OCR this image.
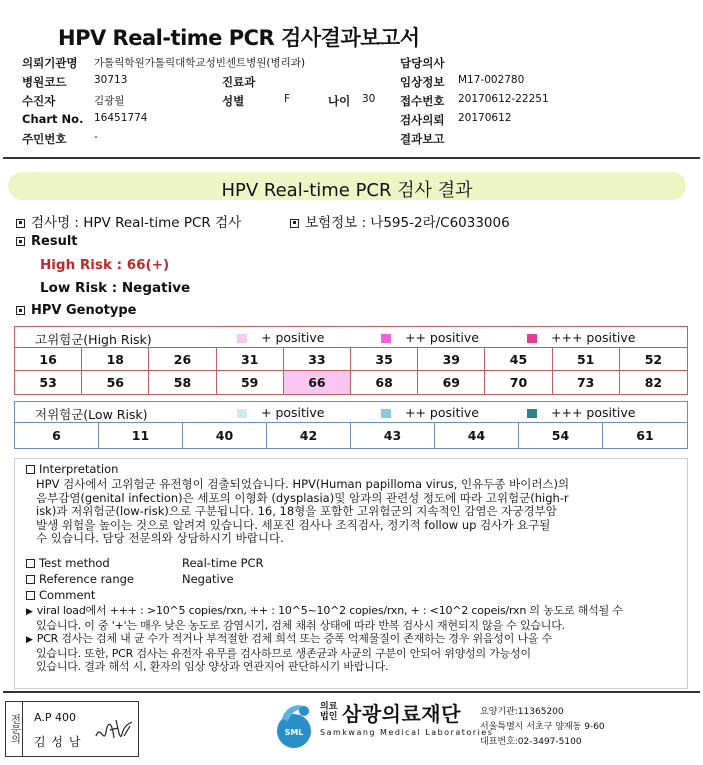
HPV Real-time PCR 검사결과보고서
의뢰기관명 가톨릭학원가톨릭대학교성빈센트병원(병리과)	담당의사
병원코드	30713	진료과	임상정보 M17-002780
수진자	김광월	성별	F	나이 30 접수번호 20170612-22251
Chart No. 16451774	검사의뢰 20170612
주민번호	-	결과보고
HPV Real-time PCR 검사 결과
검사명 : HPV Real-time PCR 검사	보험정보 : 나595-2라/C6033006
Result
High Risk : 66(+)
Low Risk : Negative
HPV Genotype
고위험군(High Risk)	+ positive	++ positive	+++ positive
16	18	26	31	33	35	39	45	51	52
53	56	58	59	66	68	69	70	73	82
저위험군(Low Risk)	+ positive	++ positive	+++ positive
6	11	40	42	43	44	54	61
Interpretation
HPV 검사에서 고위험군 유전형이 검출되었습니다. HPV(Human papilloma virus, 인유두종 바이러스)의
음부감염(genital infection)은 세포의 이형화 (dysplasia)및 암과의 관련성 정도에 따라 고위험군(high-r
isk)과 저위험군(low-risk)으로 구분됩니다. 16, 18형을 포함한 고위험군의 지속적인 감염은 자궁경부암
발생 위험을 높이는 것으로 알려져 있습니다. 세포진 검사나 조직검사, 정기적 follow up 검사가 요구될
수 있습니다. 담당 전문의와 상담하시기 바랍니다.
Test method	Real-time PCR
Reference range	Negative
Comment
▶ viral load에서 +++ : >10^5 copies/rxn, ++ : 10^5~10^2 copies/rxn, + : <10^2 copeis/rxn 의 농도로 해석될 수
있습니다. 이 중 '+'는 매우 낮은 농도로 감염시기, 검체 채취 상태에 따라 반복 검사시 재현되지 않을 수 있습니다.
▶ PCR 검사는 검체 내 균 수가 적거나 부적절한 검체 희석 또는 증폭 억제물질이 존재하는 경우 위음성이 나올 수
있습니다. 또한, PCR 검사는 유전자 유무를 검사하므로 생존균과 사균의 구분이 안되어 위양성의 가능성이
있습니다. 결과 해석 시, 환자의 임상 양상과 연관지어 판단하시기 바랍니다.
전문의 A.P 400
김 성 남
SML
의료법인 삼광의료재단
Samkwang Medical Laboratories
요양기관:11365200
서울특별시 서초구 양재동 9-60
대표번호:02-3497-5100
